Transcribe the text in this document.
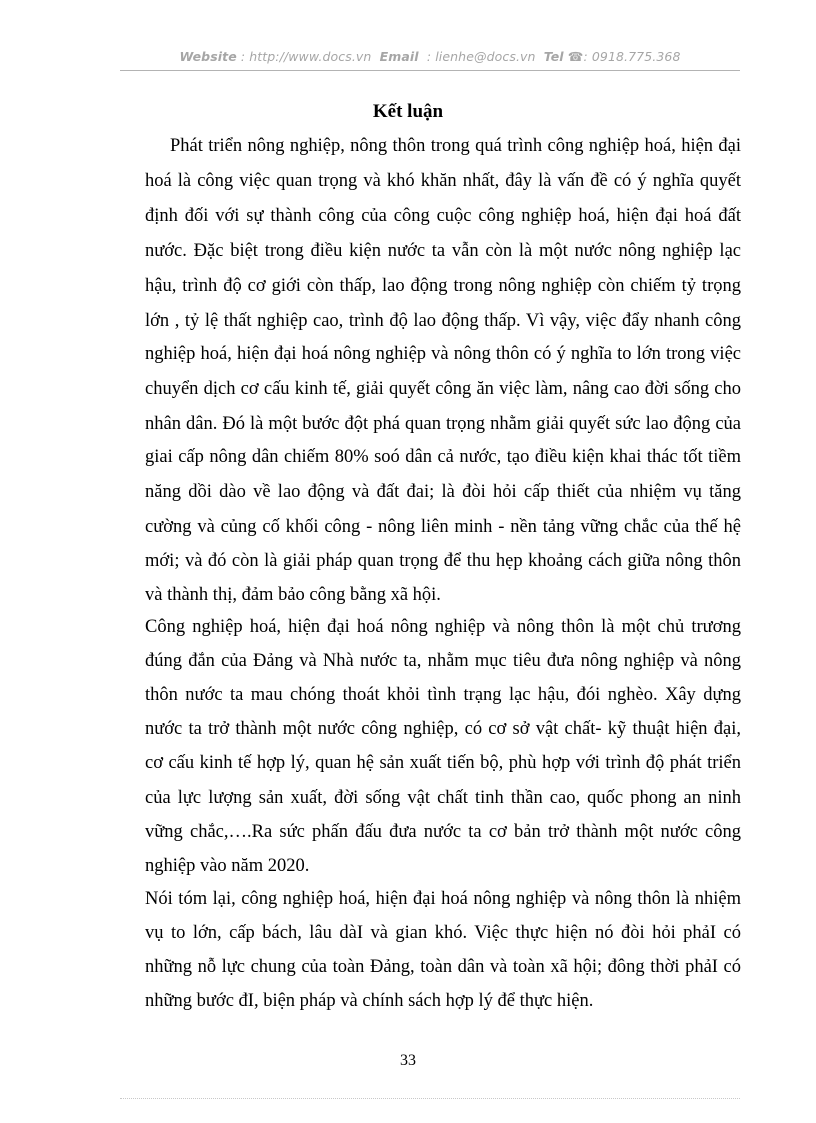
Website : http://www.docs.vn Email : lienhe@docs.vn Tel ☎: 0918.775.368
Kết luận
Phát triển nông nghiệp, nông thôn trong quá trình công nghiệp hoá, hiện đại
hoá là công việc quan trọng và khó khăn nhất, đây là vấn đề có ý nghĩa quyết
định đối với sự thành công của công cuộc công nghiệp hoá, hiện đại hoá đất
nước. Đặc biệt trong điều kiện nước ta vẫn còn là một nước nông nghiệp lạc
hậu, trình độ cơ giới còn thấp, lao động trong nông nghiệp còn chiếm tỷ trọng
lớn , tỷ lệ thất nghiệp cao, trình độ lao động thấp. Vì vậy, việc đẩy nhanh công
nghiệp hoá, hiện đại hoá nông nghiệp và nông thôn có ý nghĩa to lớn trong việc
chuyển dịch cơ cấu kinh tế, giải quyết công ăn việc làm, nâng cao đời sống cho
nhân dân. Đó là một bước đột phá quan trọng nhằm giải quyết sức lao động của
giai cấp nông dân chiếm 80% soó dân cả nước, tạo điều kiện khai thác tốt tiềm
năng dồi dào về lao động và đất đai; là đòi hỏi cấp thiết của nhiệm vụ tăng
cường và củng cố khối công - nông liên minh - nền tảng vững chắc của thế hệ
mới; và đó còn là giải pháp quan trọng để thu hẹp khoảng cách giữa nông thôn
và thành thị, đảm bảo công bằng xã hội.
Công nghiệp hoá, hiện đại hoá nông nghiệp và nông thôn là một chủ trương
đúng đắn của Đảng và Nhà nước ta, nhằm mục tiêu đưa nông nghiệp và nông
thôn nước ta mau chóng thoát khỏi tình trạng lạc hậu, đói nghèo. Xây dựng
nước ta trở thành một nước công nghiệp, có cơ sở vật chất- kỹ thuật hiện đại,
cơ cấu kinh tế hợp lý, quan hệ sản xuất tiến bộ, phù hợp với trình độ phát triển
của lực lượng sản xuất, đời sống vật chất tinh thần cao, quốc phong an ninh
vững chắc,….Ra sức phấn đấu đưa nước ta cơ bản trở thành một nước công
nghiệp vào năm 2020.
Nói tóm lại, công nghiệp hoá, hiện đại hoá nông nghiệp và nông thôn là nhiệm
vụ to lớn, cấp bách, lâu dàI và gian khó. Việc thực hiện nó đòi hỏi phảI có
những nỗ lực chung của toàn Đảng, toàn dân và toàn xã hội; đông thời phảI có
những bước đI, biện pháp và chính sách hợp lý để thực hiện.
33
